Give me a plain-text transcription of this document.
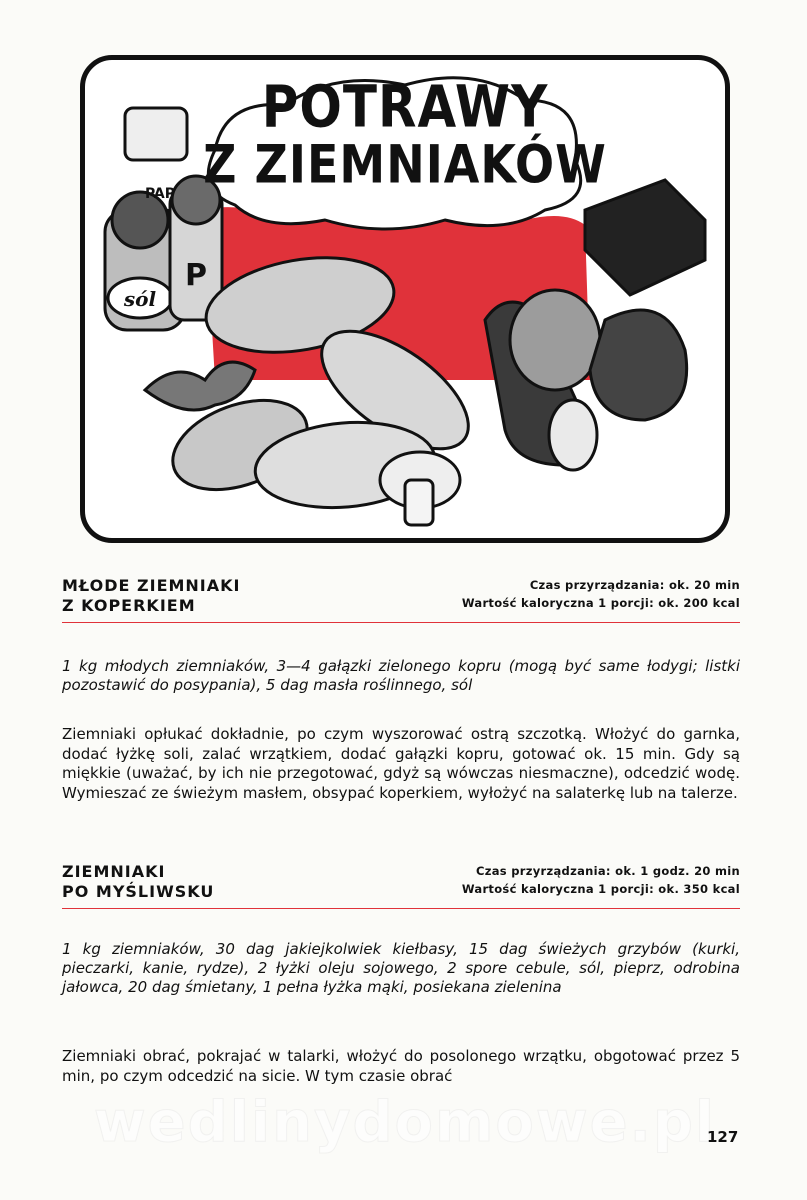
sól
P
PAP
POTRAWY
Z ZIEMNIAKÓW
MŁODE ZIEMNIAKI
Z KOPERKIEM
Czas przyrządzania: ok. 20 min
Wartość kaloryczna 1 porcji: ok. 200 kcal
1 kg młodych ziemniaków, 3—4 gałązki zielonego kopru (mogą być same łodygi; listki pozostawić do posypania), 5 dag masła roślinnego, sól
Ziemniaki opłukać dokładnie, po czym wyszorować ostrą szczotką. Włożyć do garnka, dodać łyżkę soli, zalać wrzątkiem, dodać gałązki kopru, gotować ok. 15 min. Gdy są miękkie (uważać, by ich nie przegotować, gdyż są wówczas niesmaczne), odcedzić wodę. Wymieszać ze świeżym masłem, obsypać koperkiem, wyłożyć na salaterkę lub na talerze.
ZIEMNIAKI
PO MYŚLIWSKU
Czas przyrządzania: ok. 1 godz. 20 min
Wartość kaloryczna 1 porcji: ok. 350 kcal
1 kg ziemniaków, 30 dag jakiejkolwiek kiełbasy, 15 dag świeżych grzybów (kurki, pieczarki, kanie, rydze), 2 łyżki oleju sojowego, 2 spore cebule, sól, pieprz, odrobina jałowca, 20 dag śmietany, 1 pełna łyżka mąki, posiekana zielenina
Ziemniaki obrać, pokrajać w talarki, włożyć do posolonego wrzątku, obgotować przez 5 min, po czym odcedzić na sicie. W tym czasie obrać
wedlinydomowe.pl
127
